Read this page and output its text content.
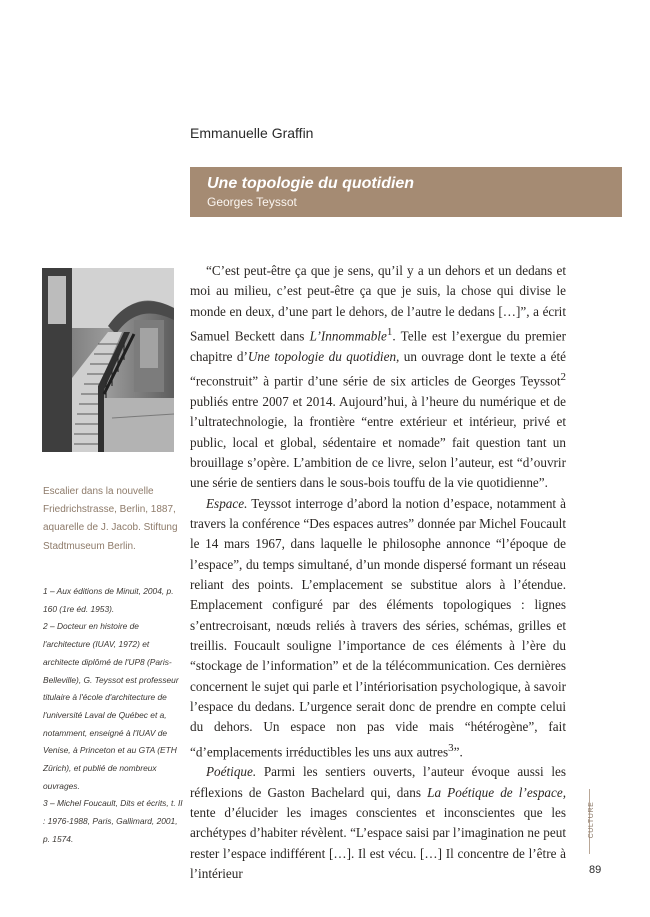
Emmanuelle Graffin
Une topologie du quotidien
Georges Teyssot
Escalier dans la nouvelle Friedrichstrasse, Berlin, 1887, aquarelle de J. Jacob. Stiftung Stadtmuseum Berlin.

1 – Aux éditions de Minuit, 2004, p. 160 (1re éd. 1953).

2 – Docteur en histoire de l'architecture (IUAV, 1972) et architecte diplômé de l'UP8 (Paris-Belleville), G. Teyssot est professeur titulaire à l'école d'architecture de l'université Laval de Québec et a, notamment, enseigné à l'IUAV de Venise, à Princeton et au GTA (ETH Zürich), et publié de nombreux ouvrages.

3 – Michel Foucault, Dits et écrits, t. II : 1976-1988, Paris, Gallimard, 2001, p. 1574.

“C’est peut-être ça que je sens, qu’il y a un dehors et un dedans et moi au milieu, c’est peut-être ça que je suis, la chose qui divise le monde en deux, d’une part le dehors, de l’autre le dedans […]”, a écrit Samuel Beckett dans L’Innommable$^1$. Telle est l’exergue du premier chapitre d’Une topologie du quotidien, un ouvrage dont le texte a été “reconstruit” à partir d’une série de six articles de Georges Teyssot$^2$ publiés entre 2007 et 2014. Aujourd’hui, à l’heure du numérique et de l’ultratechnologie, la frontière “entre extérieur et intérieur, privé et public, local et global, sédentaire et nomade” fait question tant un brouillage s’opère. L’ambition de ce livre, selon l’auteur, est “d’ouvrir une série de sentiers dans le sous-bois touffu de la vie quotidienne”.

Espace. Teyssot interroge d’abord la notion d’espace, notamment à travers la conférence “Des espaces autres” donnée par Michel Foucault le 14 mars 1967, dans laquelle le philosophe annonce “l’époque de l’espace”, du temps simultané, d’un monde dispersé formant un réseau reliant des points. L’emplacement se substitue alors à l’étendue. Emplacement configuré par des éléments topologiques : lignes s’entrecroisant, nœuds reliés à travers des séries, schémas, grilles et treillis. Foucault souligne l’importance de ces éléments à l’ère du “stockage de l’information” et de la télécommunication. Ces dernières concernent le sujet qui parle et l’intériorisation psychologique, à savoir l’espace du dedans. L’urgence serait donc de prendre en compte celui du dehors. Un espace non pas vide mais “hétérogène”, fait “d’emplacements irréductibles les uns aux autres$^3$”.

Poétique. Parmi les sentiers ouverts, l’auteur évoque aussi les réflexions de Gaston Bachelard qui, dans La Poétique de l’espace, tente d’élucider les images conscientes et inconscientes que les archétypes d’habiter révèlent. “L’espace saisi par l’imagination ne peut rester l’espace indifférent […]. Il est vécu. […] Il concentre de l’être à l’intérieur

CULTURE
89
